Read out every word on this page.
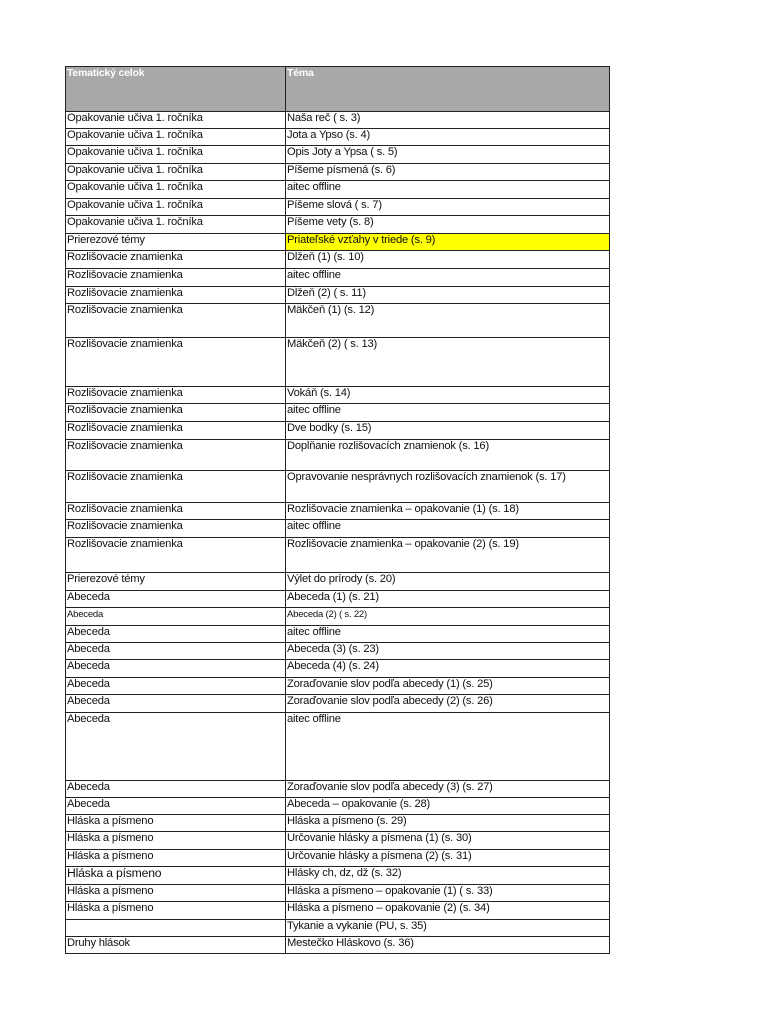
Tematický celok	Téma
Opakovanie učiva 1. ročníka	Naša reč ( s. 3)
Opakovanie učiva 1. ročníka	Jota a Ypso (s. 4)
Opakovanie učiva 1. ročníka	Opis Joty a Ypsa ( s. 5)
Opakovanie učiva 1. ročníka	Píšeme písmená (s. 6)
Opakovanie učiva 1. ročníka	aitec offline
Opakovanie učiva 1. ročníka	Píšeme slová ( s. 7)
Opakovanie učiva 1. ročníka	Píšeme vety (s. 8)
Prierezové témy	Priateľské vzťahy v triede (s. 9)
Rozlišovacie znamienka	Dĺžeň (1) (s. 10)
Rozlišovacie znamienka	aitec offline
Rozlišovacie znamienka	Dĺžeň (2) ( s. 11)
Rozlišovacie znamienka	Mäkčeň (1) (s. 12)
Rozlišovacie znamienka	Mäkčeň (2) ( s. 13)
Rozlišovacie znamienka	Vokáň (s. 14)
Rozlišovacie znamienka	aitec offline
Rozlišovacie znamienka	Dve bodky (s. 15)
Rozlišovacie znamienka	Dopĺňanie rozlišovacích znamienok (s. 16)
Rozlišovacie znamienka	Opravovanie nesprávnych rozlišovacích znamienok (s. 17)
Rozlišovacie znamienka	Rozlišovacie znamienka – opakovanie (1) (s. 18)
Rozlišovacie znamienka	aitec offline
Rozlišovacie znamienka	Rozlišovacie znamienka – opakovanie (2) (s. 19)
Prierezové témy	Výlet do prírody (s. 20)
Abeceda	Abeceda (1) (s. 21)
Abeceda	Abeceda (2) ( s. 22)
Abeceda	aitec offline
Abeceda	Abeceda (3) (s. 23)
Abeceda	Abeceda (4) (s. 24)
Abeceda	Zoraďovanie slov podľa abecedy (1) (s. 25)
Abeceda	Zoraďovanie slov podľa abecedy (2) (s. 26)
Abeceda	aitec offline
Abeceda	Zoraďovanie slov podľa abecedy (3) (s. 27)
Abeceda	Abeceda – opakovanie (s. 28)
Hláska a písmeno	Hláska a písmeno (s. 29)
Hláska a písmeno	Určovanie hlásky a písmena (1) (s. 30)
Hláska a písmeno	Určovanie hlásky a písmena (2) (s. 31)
Hláska a písmeno	Hlásky ch, dz, dž (s. 32)
Hláska a písmeno	Hláska a písmeno – opakovanie (1) ( s. 33)
Hláska a písmeno	Hláska a písmeno – opakovanie (2) (s. 34)
	Tykanie a vykanie (PU, s. 35)
Druhy hlások	Mestečko Hláskovo (s. 36)
